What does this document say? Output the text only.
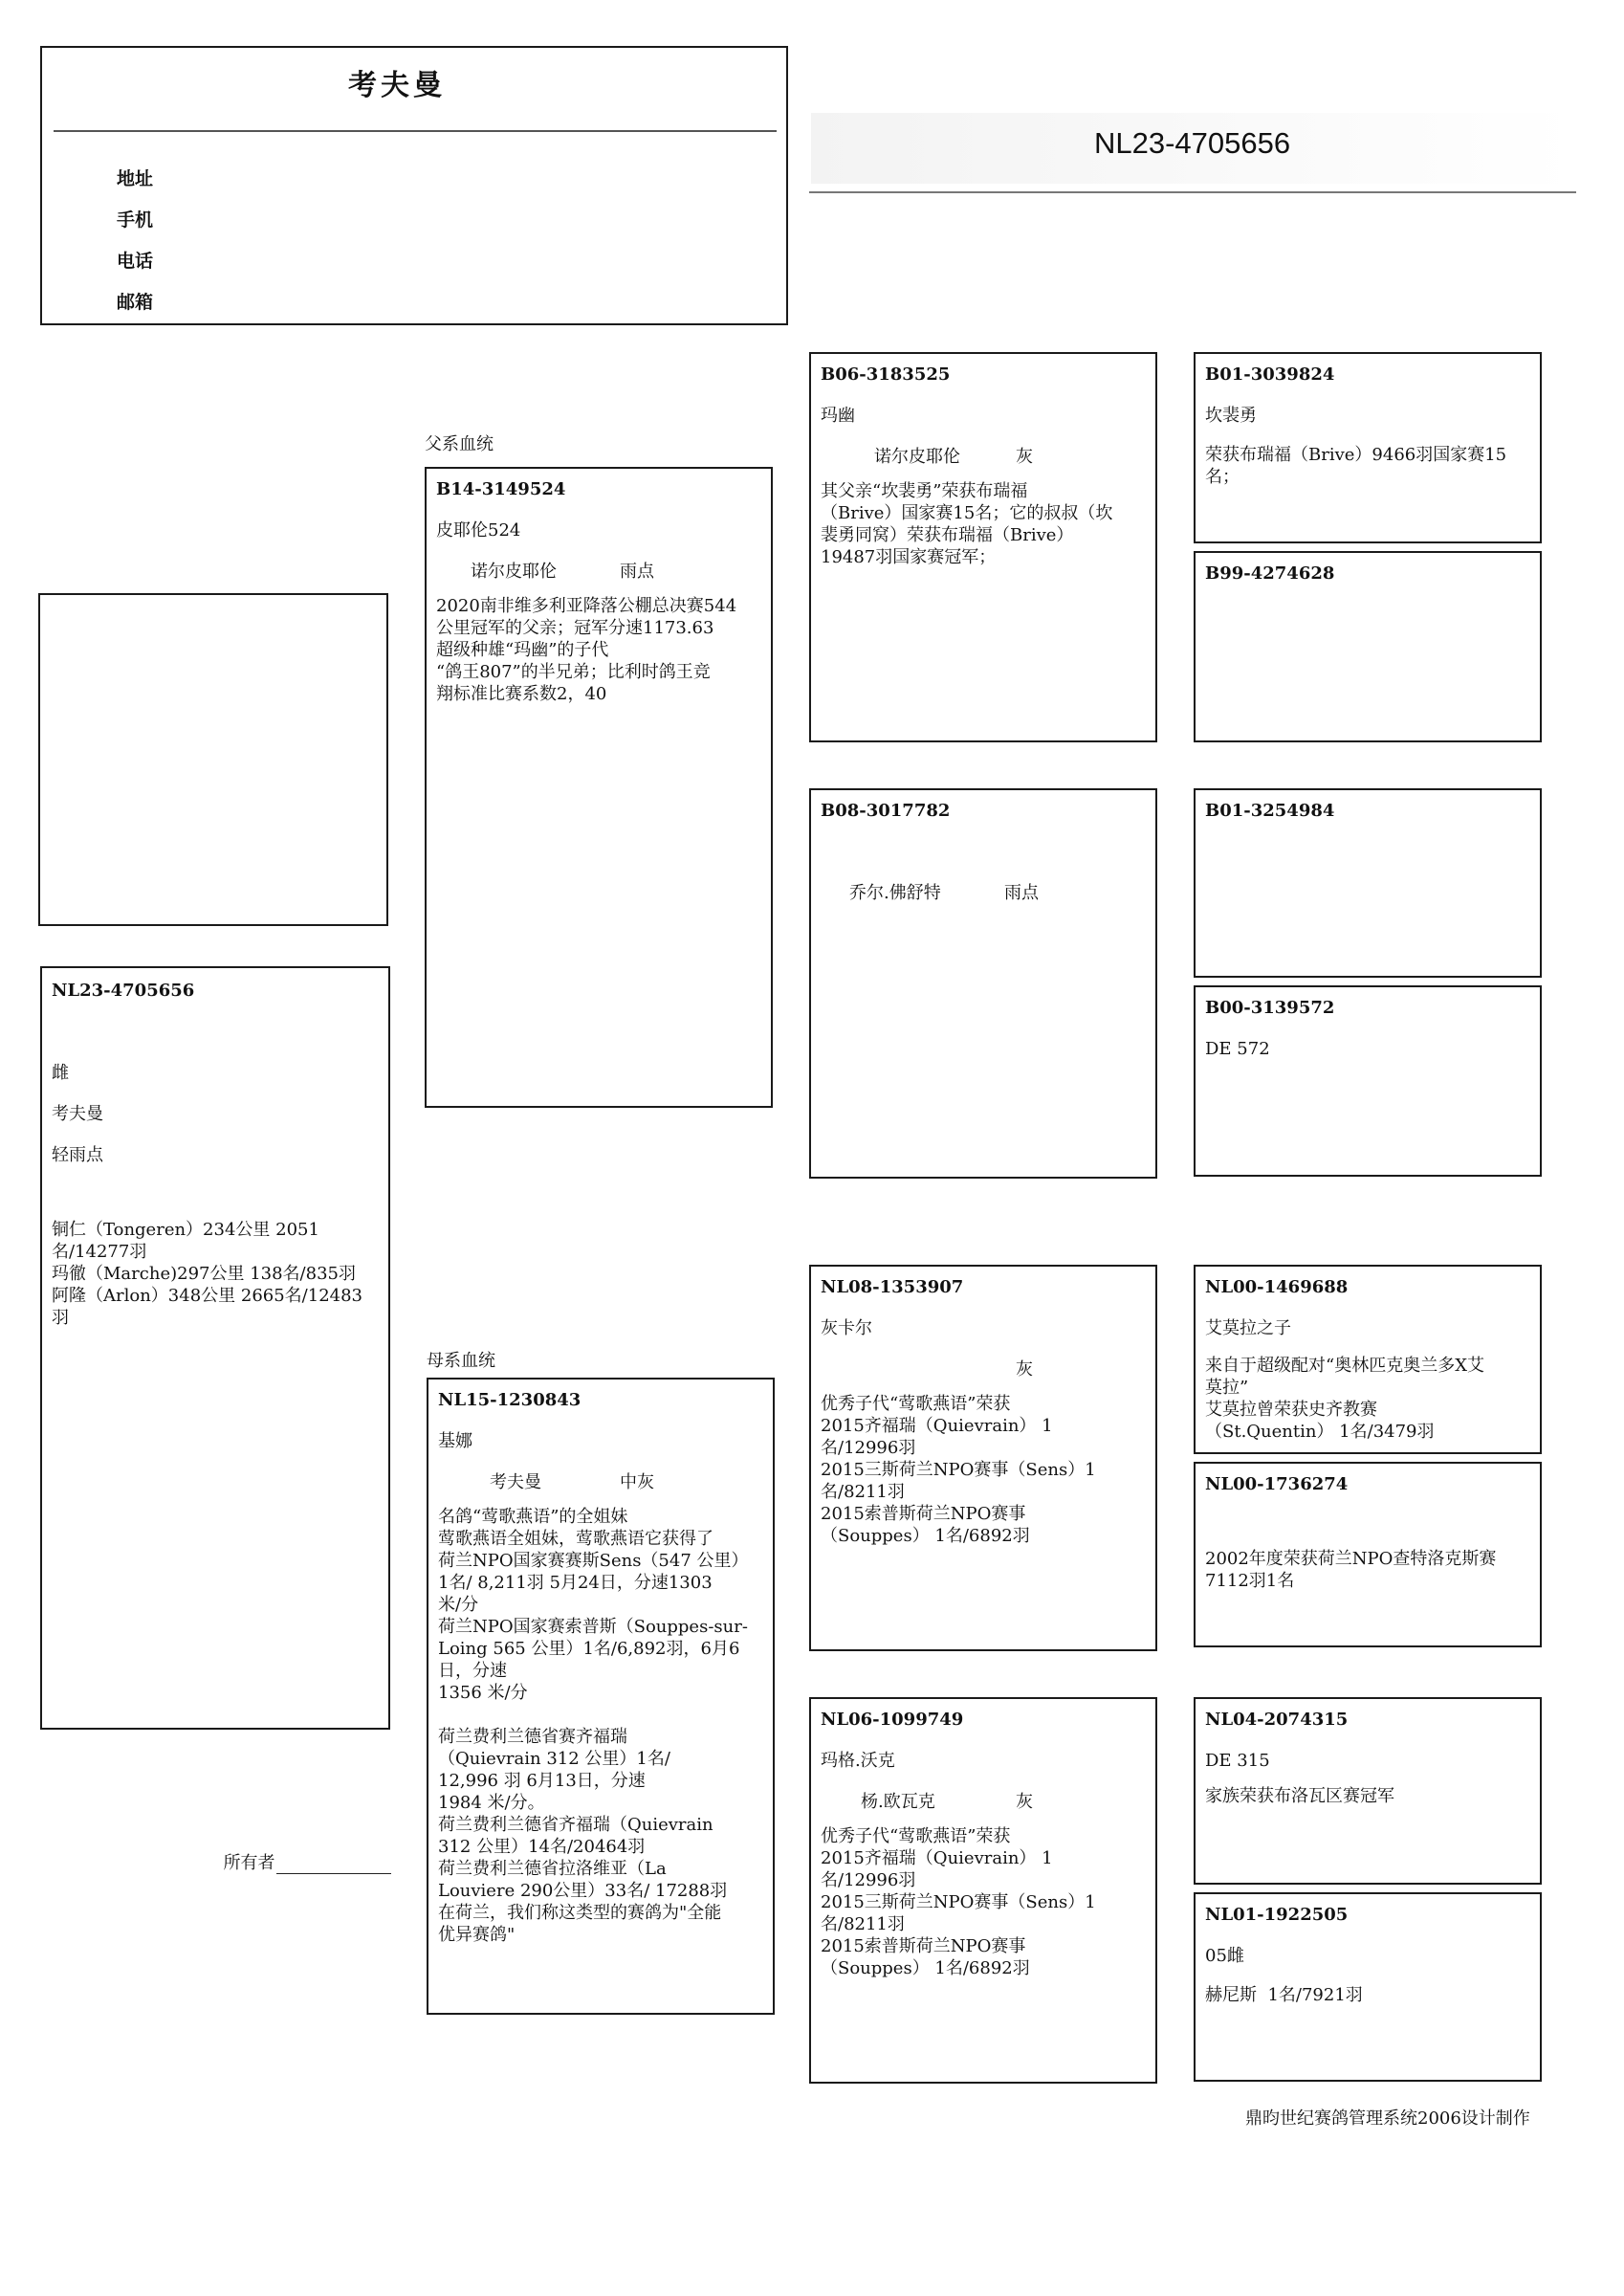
考夫曼
地址
手机
电话
邮箱
NL23-4705656
NL23-4705656
雌
考夫曼
轻雨点
铜仁（Tongeren）234公里 2051
名/14277羽
玛徹（Marche)297公里 138名/835羽
阿隆（Arlon）348公里 2665名/12483
羽

所有者

父系血统
母系血统
B14-3149524
皮耶伦524
诺尔皮耶伦	雨点
2020南非维多利亚降落公棚总决赛544
公里冠军的父亲；冠军分速1173.63
超级种雄“玛幽”的子代
“鸽王807”的半兄弟；比利时鸽王竞
翔标准比赛系数2，40
NL15-1230843
基娜
考夫曼	中灰
名鸽“莺歌燕语”的全姐妹
莺歌燕语全姐妹，莺歌燕语它获得了
荷兰NPO国家赛赛斯Sens（547 公里）
1名/ 8,211羽 5月24日，分速1303
米/分
荷兰NPO国家赛索普斯（Souppes-sur-
Loing 565 公里）1名/6,892羽，6月6
日，分速
1356 米/分

荷兰费利兰德省赛齐福瑞
（Quievrain 312 公里）1名/
12,996 羽 6月13日，分速
1984 米/分。
荷兰费利兰德省齐福瑞（Quievrain
312 公里）14名/20464羽
荷兰费利兰德省拉洛维亚（La
Louviere 290公里）33名/ 17288羽
在荷兰，我们称这类型的赛鸽为"全能
优异赛鸽"
B06-3183525
玛幽
诺尔皮耶伦	灰
其父亲“坎裴勇”荣获布瑞福
（Brive）国家赛15名；它的叔叔（坎
裴勇同窝）荣获布瑞福（Brive）
19487羽国家赛冠军；
B08-3017782
乔尔.佛舒特	雨点
NL08-1353907
灰卡尔
灰
优秀子代“莺歌燕语”荣获
2015齐福瑞（Quievrain） 1
名/12996羽
2015三斯荷兰NPO赛事（Sens）1
名/8211羽
2015索普斯荷兰NPO赛事
（Souppes） 1名/6892羽
NL06-1099749
玛格.沃克
杨.欧瓦克	灰
优秀子代“莺歌燕语”荣获
2015齐福瑞（Quievrain） 1
名/12996羽
2015三斯荷兰NPO赛事（Sens）1
名/8211羽
2015索普斯荷兰NPO赛事
（Souppes） 1名/6892羽
B01-3039824
坎裴勇
荣获布瑞福（Brive）9466羽国家赛15
名；
B99-4274628
B01-3254984
B00-3139572
DE 572
NL00-1469688
艾莫拉之子
来自于超级配对“奥林匹克奥兰多X艾
莫拉”
艾莫拉曾荣获史齐教赛
（St.Quentin） 1名/3479羽
NL00-1736274
2002年度荣获荷兰NPO查特洛克斯赛
7112羽1名
NL04-2074315
DE 315
家族荣获布洛瓦区赛冠军
NL01-1922505
05雌
赫尼斯  1名/7921羽
鼎昀世纪赛鸽管理系统2006设计制作
